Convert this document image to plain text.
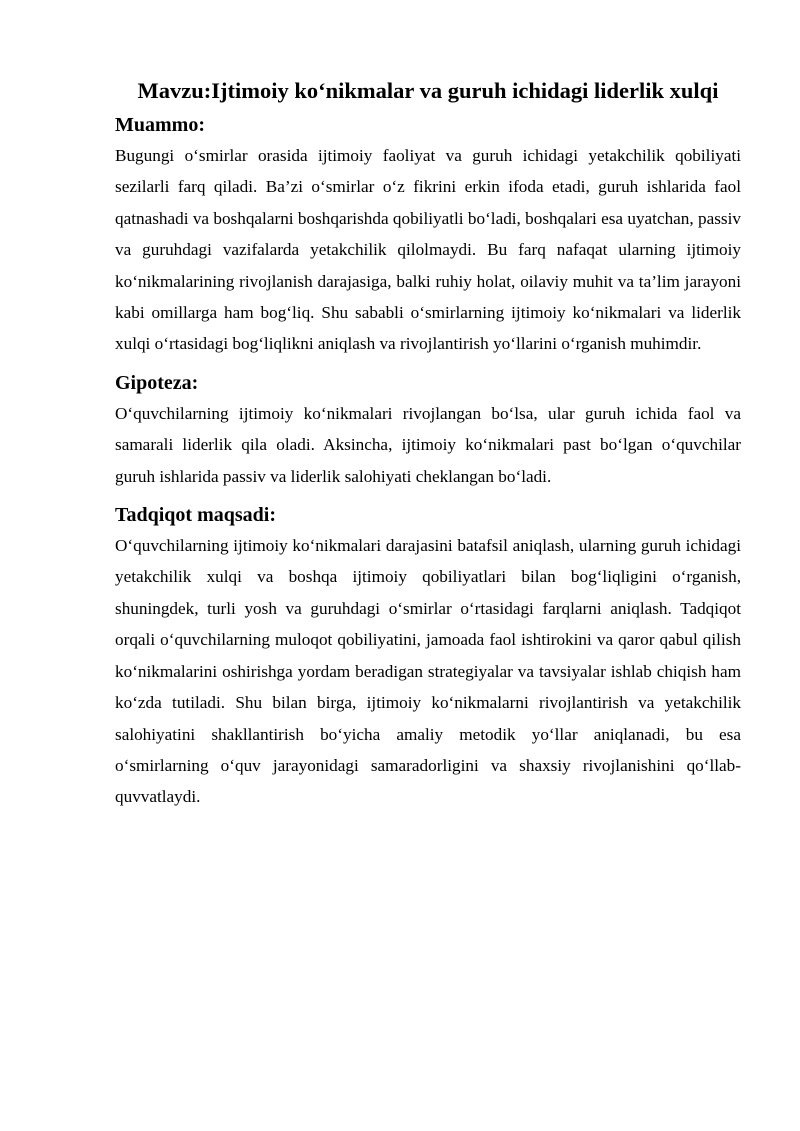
Mavzu:Ijtimoiy ko‘nikmalar va guruh ichidagi liderlik xulqi
Muammo:

Bugungi o‘smirlar orasida ijtimoiy faoliyat va guruh ichidagi yetakchilik qobiliyati sezilarli farq qiladi. Ba’zi o‘smirlar o‘z fikrini erkin ifoda etadi, guruh ishlarida faol qatnashadi va boshqalarni boshqarishda qobiliyatli bo‘ladi, boshqalari esa uyatchan, passiv va guruhdagi vazifalarda yetakchilik qilolmaydi. Bu farq nafaqat ularning ijtimoiy ko‘nikmalarining rivojlanish darajasiga, balki ruhiy holat, oilaviy muhit va ta’lim jarayoni kabi omillarga ham bog‘liq. Shu sababli o‘smirlarning ijtimoiy ko‘nikmalari va liderlik xulqi o‘rtasidagi bog‘liqlikni aniqlash va rivojlantirish yo‘llarini o‘rganish muhimdir.

Gipoteza:

O‘quvchilarning ijtimoiy ko‘nikmalari rivojlangan bo‘lsa, ular guruh ichida faol va samarali liderlik qila oladi. Aksincha, ijtimoiy ko‘nikmalari past bo‘lgan o‘quvchilar guruh ishlarida passiv va liderlik salohiyati cheklangan bo‘ladi.

Tadqiqot maqsadi:

O‘quvchilarning ijtimoiy ko‘nikmalari darajasini batafsil aniqlash, ularning guruh ichidagi yetakchilik xulqi va boshqa ijtimoiy qobiliyatlari bilan bog‘liqligini o‘rganish, shuningdek, turli yosh va guruhdagi o‘smirlar o‘rtasidagi farqlarni aniqlash. Tadqiqot orqali o‘quvchilarning muloqot qobiliyatini, jamoada faol ishtirokini va qaror qabul qilish ko‘nikmalarini oshirishga yordam beradigan strategiyalar va tavsiyalar ishlab chiqish ham ko‘zda tutiladi. Shu bilan birga, ijtimoiy ko‘nikmalarni rivojlantirish va yetakchilik salohiyatini shakllantirish bo‘yicha amaliy metodik yo‘llar aniqlanadi, bu esa o‘smirlarning o‘quv jarayonidagi samaradorligini va shaxsiy rivojlanishini qo‘llab-quvvatlaydi.
